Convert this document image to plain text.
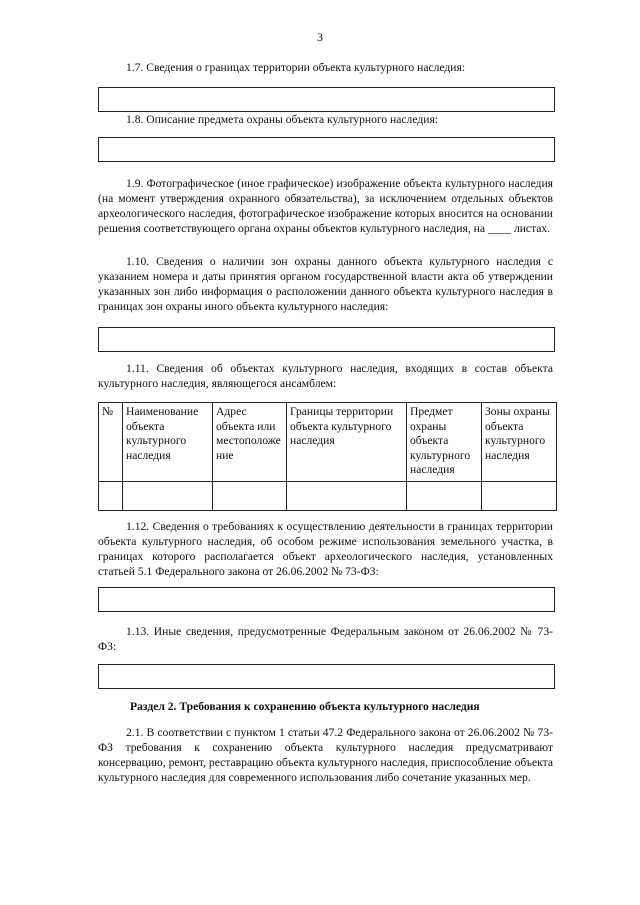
3
1.7. Сведения о границах территории объекта культурного наследия:
1.8. Описание предмета охраны объекта культурного наследия:
1.9. Фотографическое (иное графическое) изображение объекта культурного наследия (на момент утверждения охранного обязательства), за исключением отдельных объектов археологического наследия, фотографическое изображение которых вносится на основании решения соответствующего органа охраны объектов культурного наследия, на ____ листах.
1.10. Сведения о наличии зон охраны данного объекта культурного наследия с указанием номера и даты принятия органом государственной власти акта об утверждении указанных зон либо информация о расположении данного объекта культурного наследия в границах зон охраны иного объекта культурного наследия:
1.11. Сведения об объектах культурного наследия, входящих в состав объекта культурного наследия, являющегося ансамблем:
№	Наименование объекта культурного наследия	Адрес объекта или местоположение	Границы территории объекта культурного наследия	Предмет охраны объекта культурного наследия	Зоны охраны объекта культурного наследия

1.12. Сведения о требованиях к осуществлению деятельности в границах территории объекта культурного наследия, об особом режиме использования земельного участка, в границах которого располагается объект археологического наследия, установленных статьей 5.1 Федерального закона от 26.06.2002 № 73-ФЗ:
1.13. Иные сведения, предусмотренные Федеральным законом от 26.06.2002 № 73-ФЗ:
Раздел 2. Требования к сохранению объекта культурного наследия
2.1. В соответствии с пунктом 1 статьи 47.2 Федерального закона от 26.06.2002 № 73-ФЗ требования к сохранению объекта культурного наследия предусматривают консервацию, ремонт, реставрацию объекта культурного наследия, приспособление объекта культурного наследия для современного использования либо сочетание указанных мер.
